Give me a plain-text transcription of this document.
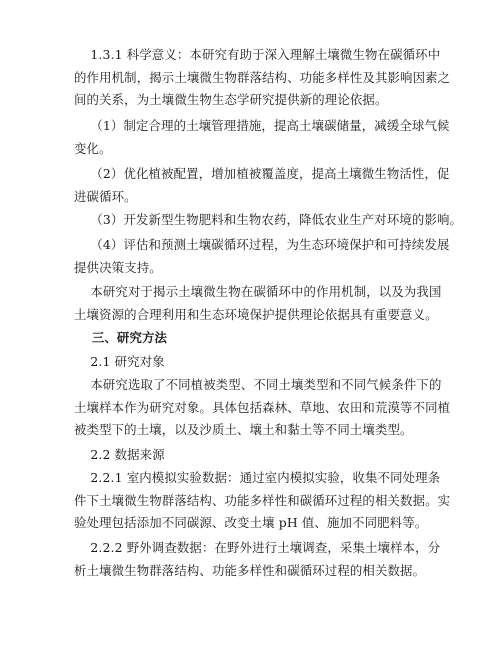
1.3.1 科学意义：本研究有助于深入理解土壤微生物在碳循环中
的作用机制，揭示土壤微生物群落结构、功能多样性及其影响因素之
间的关系，为土壤微生物生态学研究提供新的理论依据。

（1）制定合理的土壤管理措施，提高土壤碳储量，减缓全球气候
变化。

（2）优化植被配置，增加植被覆盖度，提高土壤微生物活性，促
进碳循环。

（3）开发新型生物肥料和生物农药，降低农业生产对环境的影响。

（4）评估和预测土壤碳循环过程，为生态环境保护和可持续发展
提供决策支持。

本研究对于揭示土壤微生物在碳循环中的作用机制，以及为我国
土壤资源的合理利用和生态环境保护提供理论依据具有重要意义。

三、研究方法

2.1 研究对象

本研究选取了不同植被类型、不同土壤类型和不同气候条件下的
土壤样本作为研究对象。具体包括森林、草地、农田和荒漠等不同植
被类型下的土壤，以及沙质土、壤土和黏土等不同土壤类型。

2.2 数据来源

2.2.1 室内模拟实验数据：通过室内模拟实验，收集不同处理条
件下土壤微生物群落结构、功能多样性和碳循环过程的相关数据。实
验处理包括添加不同碳源、改变土壤 pH 值、施加不同肥料等。

2.2.2 野外调查数据：在野外进行土壤调查，采集土壤样本，分
析土壤微生物群落结构、功能多样性和碳循环过程的相关数据。
